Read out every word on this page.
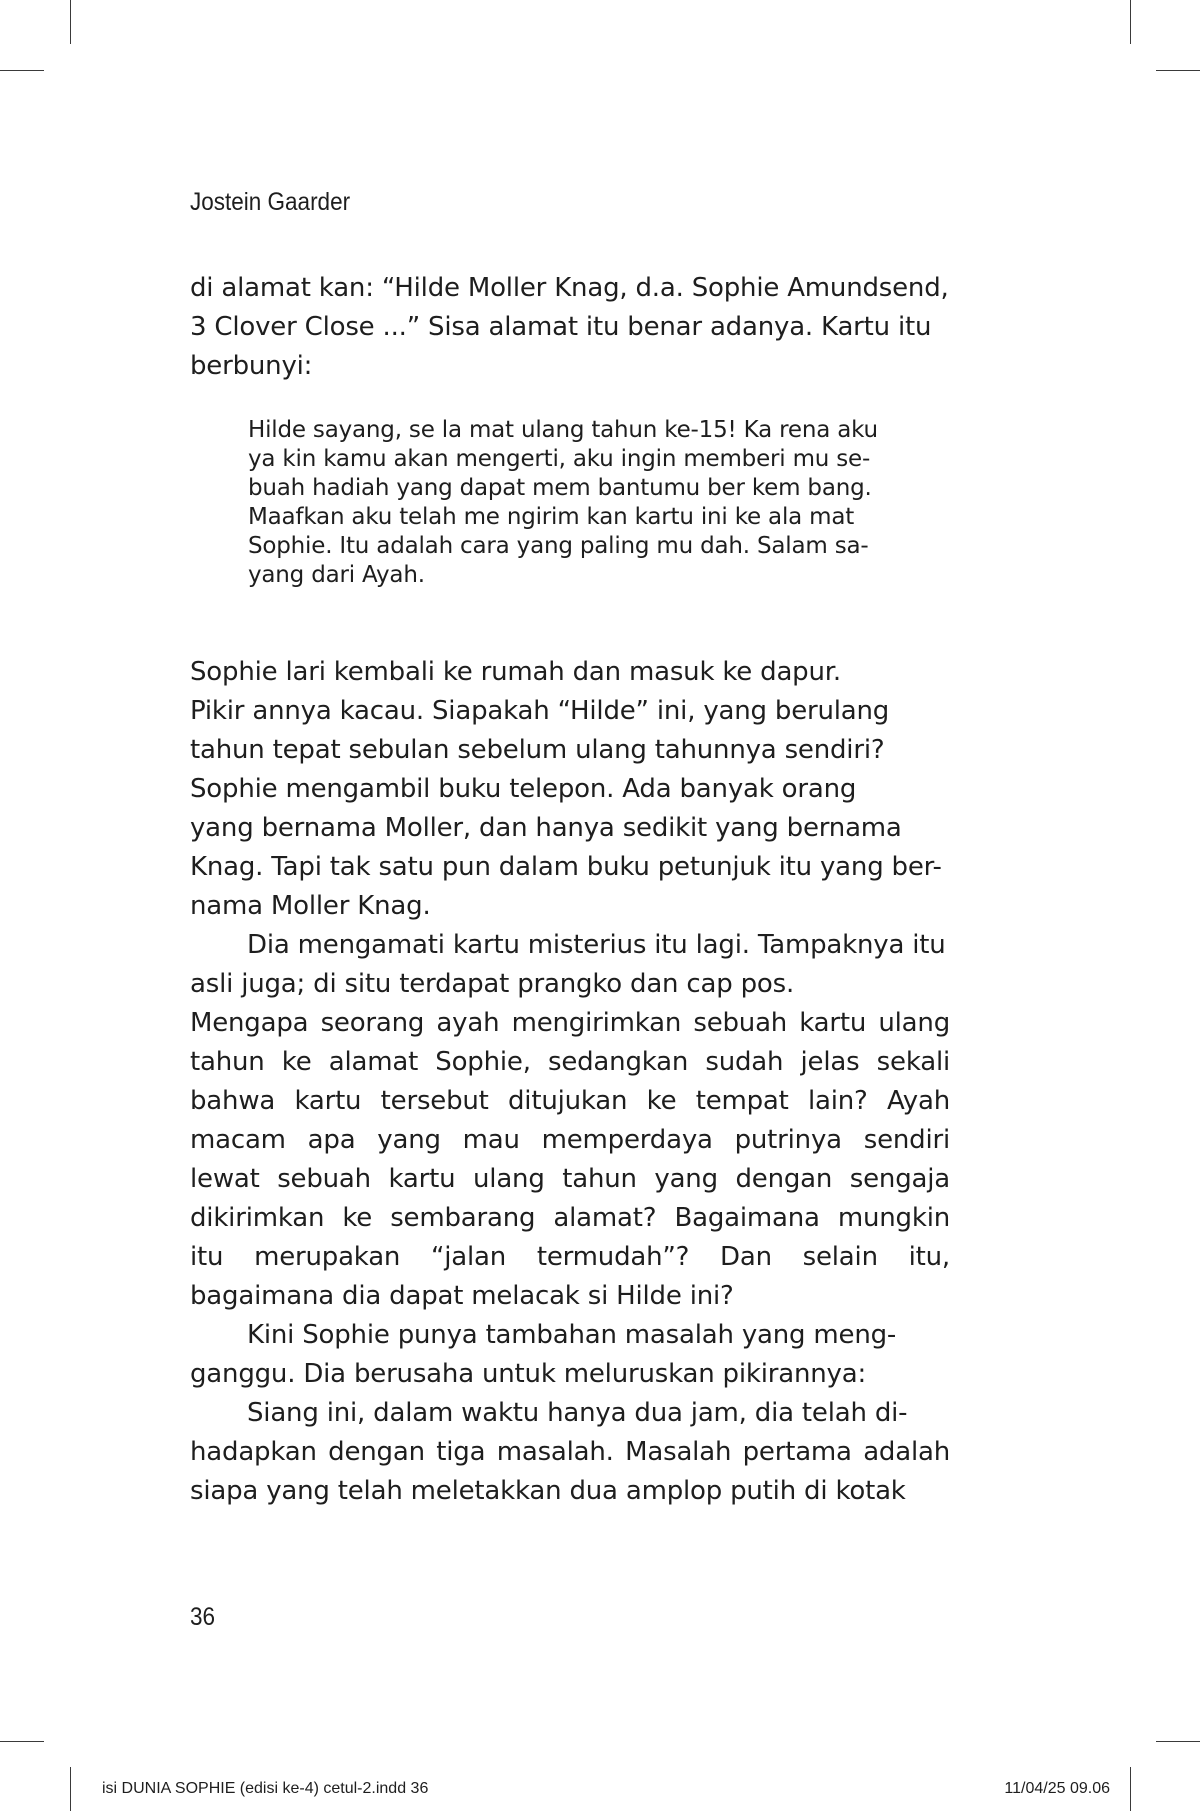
Jostein Gaarder
di alamat kan: “Hilde Moller Knag, d.a. Sophie Amundsend,
3 Clover Close ...” Sisa alamat itu benar adanya. Kartu itu
berbunyi:
Hilde sayang, se la mat ulang tahun ke-15! Ka rena aku
ya kin kamu akan mengerti, aku ingin memberi mu se-
buah hadiah yang dapat mem bantumu ber kem bang.
Maafkan aku telah me ngirim kan kartu ini ke ala mat
Sophie. Itu adalah cara yang paling mu dah. Salam sa-
yang dari Ayah.
Sophie lari kembali ke rumah dan masuk ke dapur.
Pikir annya kacau. Siapakah “Hilde” ini, yang berulang
tahun tepat sebulan sebelum ulang tahunnya sendiri?
Sophie mengambil buku telepon. Ada banyak orang
yang bernama Moller, dan hanya sedikit yang bernama
Knag. Tapi tak satu pun dalam buku petunjuk itu yang ber-
nama Moller Knag.
Dia mengamati kartu misterius itu lagi. Tampaknya itu
asli juga; di situ terdapat prangko dan cap pos.
Mengapa seorang ayah mengirimkan sebuah kartu ulang
tahun ke alamat Sophie, sedangkan sudah jelas sekali
bahwa kartu tersebut ditujukan ke tempat lain? Ayah
macam apa yang mau memperdaya putrinya sendiri
lewat sebuah kartu ulang tahun yang dengan sengaja
dikirimkan ke sembarang alamat? Bagaimana mungkin
itu merupakan “jalan termudah”? Dan selain itu,
bagaimana dia dapat melacak si Hilde ini?
Kini Sophie punya tambahan masalah yang meng-
ganggu. Dia berusaha untuk meluruskan pikirannya:
Siang ini, dalam waktu hanya dua jam, dia telah di-
hadapkan dengan tiga masalah. Masalah pertama adalah
siapa yang telah meletakkan dua amplop putih di kotak
36
isi DUNIA SOPHIE (edisi ke-4) cetul-2.indd 36	11/04/25 09.06
